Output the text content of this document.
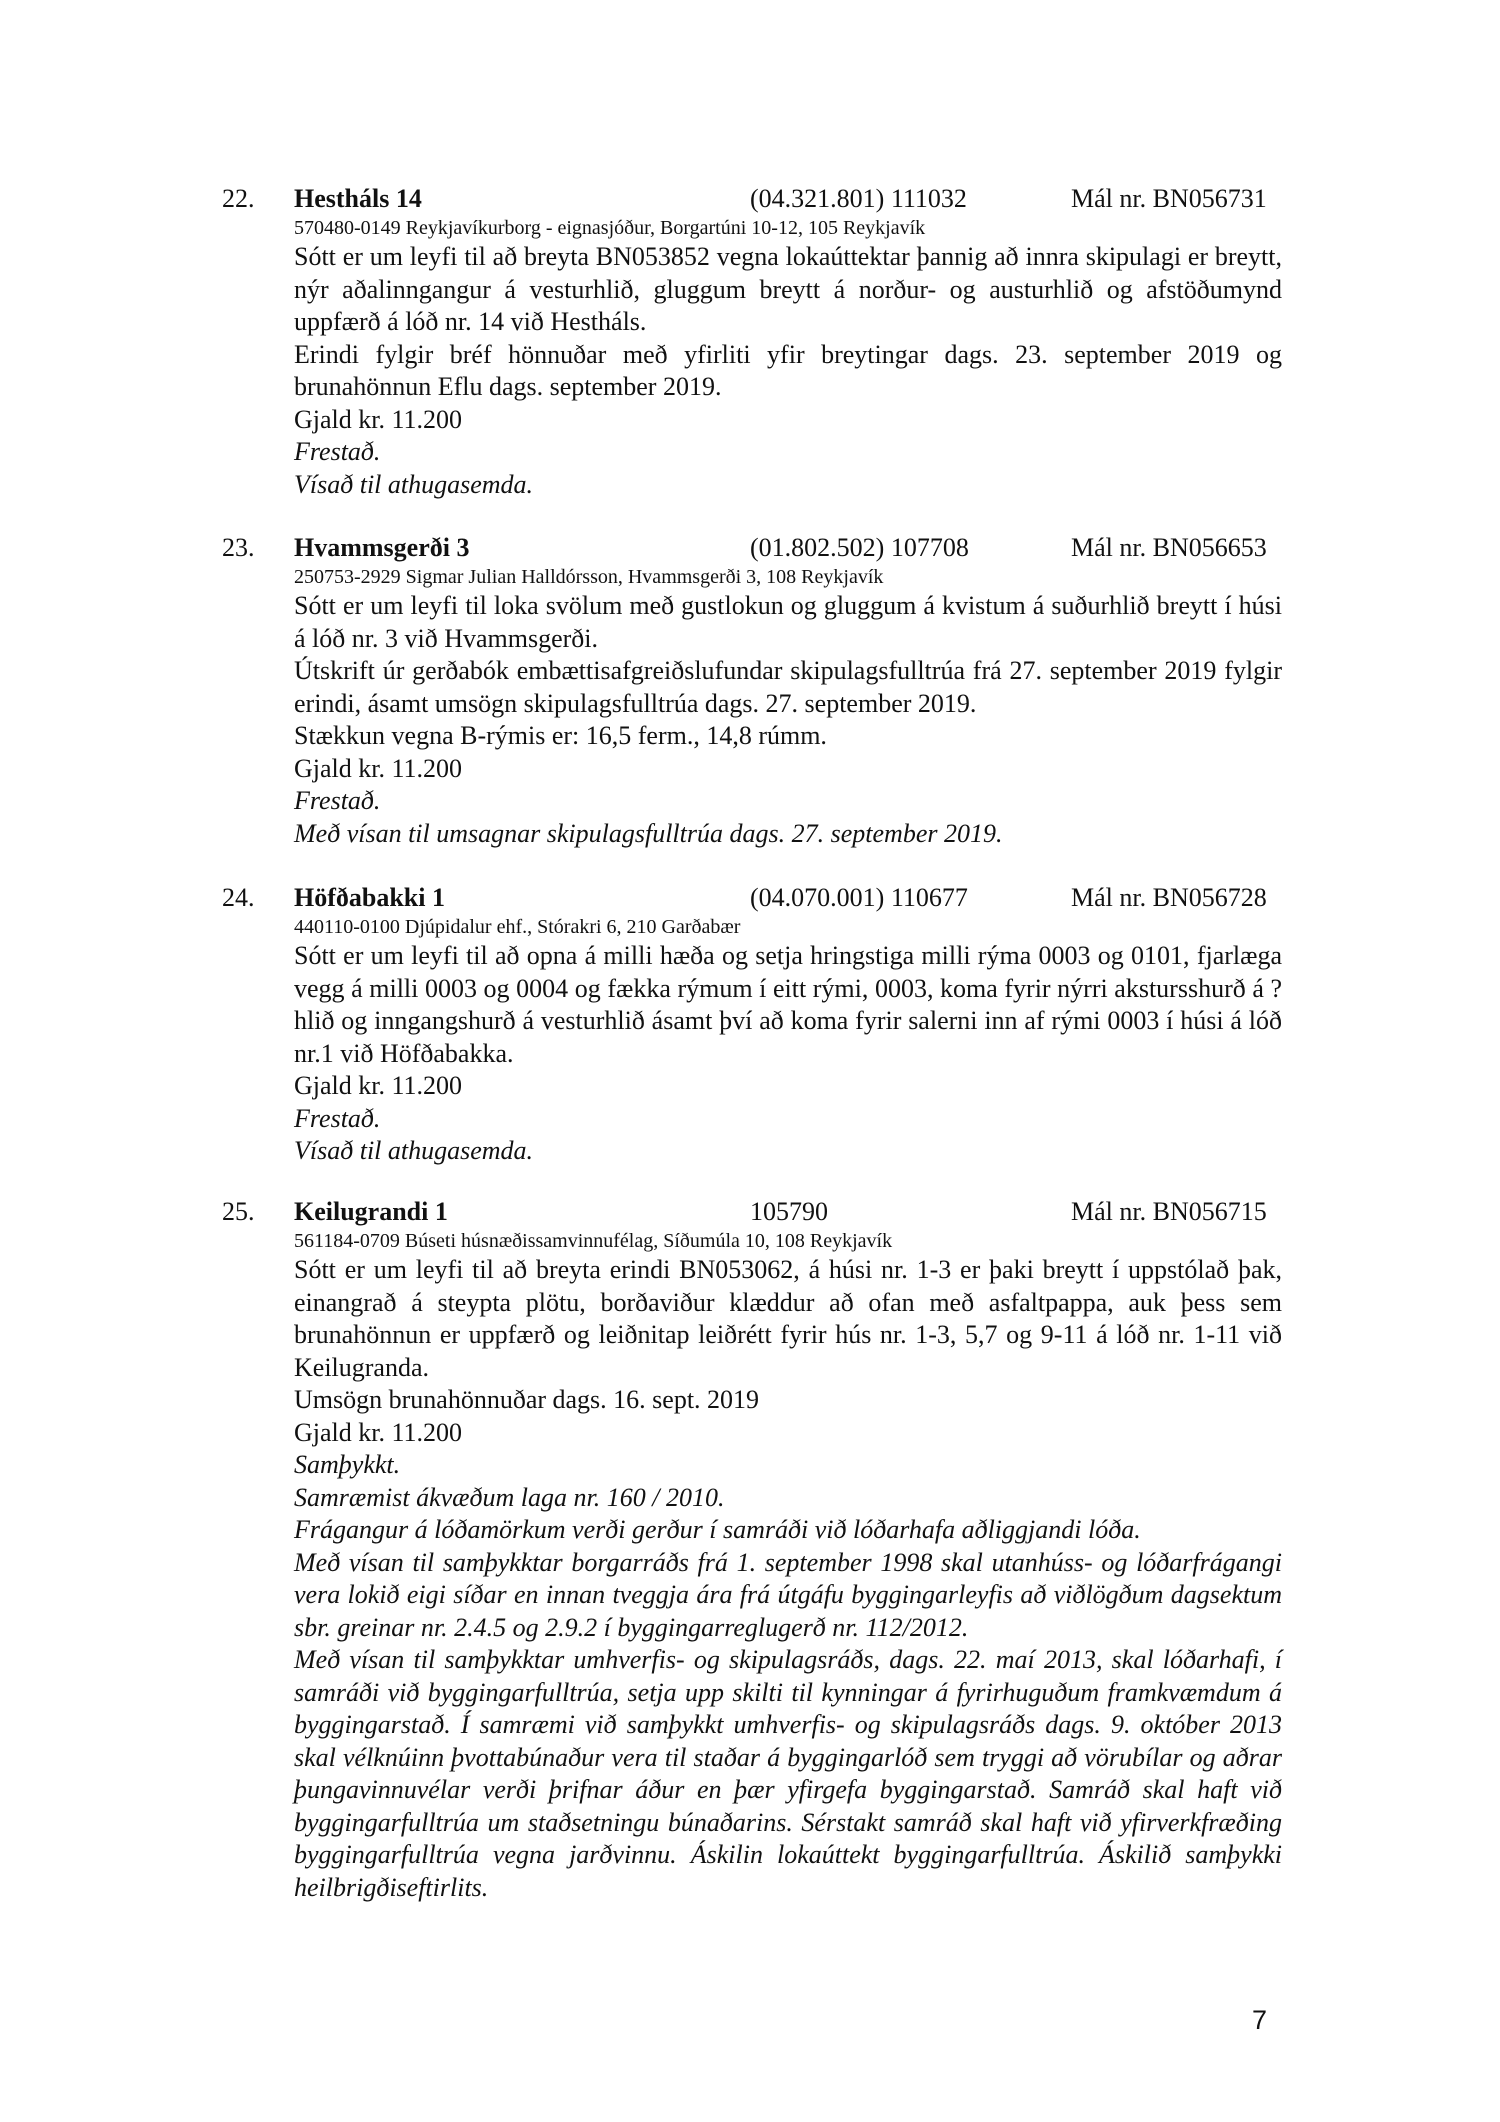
22. Hestháls 14	(04.321.801) 111032	Mál nr. BN056731
570480-0149 Reykjavíkurborg - eignasjóður, Borgartúni 10-12, 105 Reykjavík
Sótt er um leyfi til að breyta BN053852 vegna lokaúttektar þannig að innra skipulagi er breytt, nýr aðalinngangur á vesturhlið, gluggum breytt á norður- og austurhlið og afstöðumynd uppfærð á lóð nr. 14 við Hestháls.
Erindi fylgir bréf hönnuðar með yfirliti yfir breytingar dags. 23. september 2019 og brunahönnun Eflu dags. september 2019.
Gjald kr. 11.200
Frestað.
Vísað til athugasemda.
23. Hvammsgerði 3	(01.802.502) 107708	Mál nr. BN056653
250753-2929 Sigmar Julian Halldórsson, Hvammsgerði 3, 108 Reykjavík
Sótt er um leyfi til loka svölum með gustlokun og gluggum á kvistum á suðurhlið breytt í húsi á lóð nr. 3 við Hvammsgerði.
Útskrift úr gerðabók embættisafgreiðslufundar skipulagsfulltrúa frá 27. september 2019 fylgir erindi, ásamt umsögn skipulagsfulltrúa dags. 27. september 2019.
Stækkun vegna B-rýmis er: 16,5 ferm., 14,8 rúmm.
Gjald kr. 11.200
Frestað.
Með vísan til umsagnar skipulagsfulltrúa dags. 27. september 2019.
24. Höfðabakki 1	(04.070.001) 110677	Mál nr. BN056728
440110-0100 Djúpidalur ehf., Stórakri 6, 210 Garðabær
Sótt er um leyfi til að opna á milli hæða og setja hringstiga milli rýma 0003 og 0101, fjarlæga vegg á milli 0003 og 0004 og fækka rýmum í eitt rými, 0003, koma fyrir nýrri akstursshurð á ? hlið og inngangshurð á vesturhlið ásamt því að koma fyrir salerni inn af rými 0003 í húsi á lóð nr.1 við Höfðabakka.
Gjald kr. 11.200
Frestað.
Vísað til athugasemda.
25. Keilugrandi 1	105790	Mál nr. BN056715
561184-0709 Búseti húsnæðissamvinnufélag, Síðumúla 10, 108 Reykjavík
Sótt er um leyfi til að breyta erindi BN053062, á húsi nr. 1-3 er þaki breytt í uppstólað þak, einangrað á steypta plötu, borðaviður klæddur að ofan með asfaltpappa, auk þess sem brunahönnun er uppfærð og leiðnitap leiðrétt fyrir hús nr. 1-3, 5,7 og 9-11 á lóð nr. 1-11 við Keilugranda.
Umsögn brunahönnuðar dags. 16. sept. 2019
Gjald kr. 11.200
Samþykkt.
Samræmist ákvæðum laga nr. 160 / 2010.
Frágangur á lóðamörkum verði gerður í samráði við lóðarhafa aðliggjandi lóða.
Með vísan til samþykktar borgarráðs frá 1. september 1998 skal utanhúss- og lóðarfrágangi vera lokið eigi síðar en innan tveggja ára frá útgáfu byggingarleyfis að viðlögðum dagsektum sbr. greinar nr. 2.4.5 og 2.9.2 í byggingarreglugerð nr. 112/2012.
Með vísan til samþykktar umhverfis- og skipulagsráðs, dags. 22. maí 2013, skal lóðarhafi, í samráði við byggingarfulltrúa, setja upp skilti til kynningar á fyrirhuguðum framkvæmdum á byggingarstað. Í samræmi við samþykkt umhverfis- og skipulagsráðs dags. 9. október 2013 skal vélknúinn þvottabúnaður vera til staðar á byggingarlóð sem tryggi að vörubílar og aðrar þungavinnuvélar verði þrifnar áður en þær yfirgefa byggingarstað. Samráð skal haft við byggingarfulltrúa um staðsetningu búnaðarins. Sérstakt samráð skal haft við yfirverkfræðing byggingarfulltrúa vegna jarðvinnu. Áskilin lokaúttekt byggingarfulltrúa. Áskilið samþykki heilbrigðiseftirlits.
7
